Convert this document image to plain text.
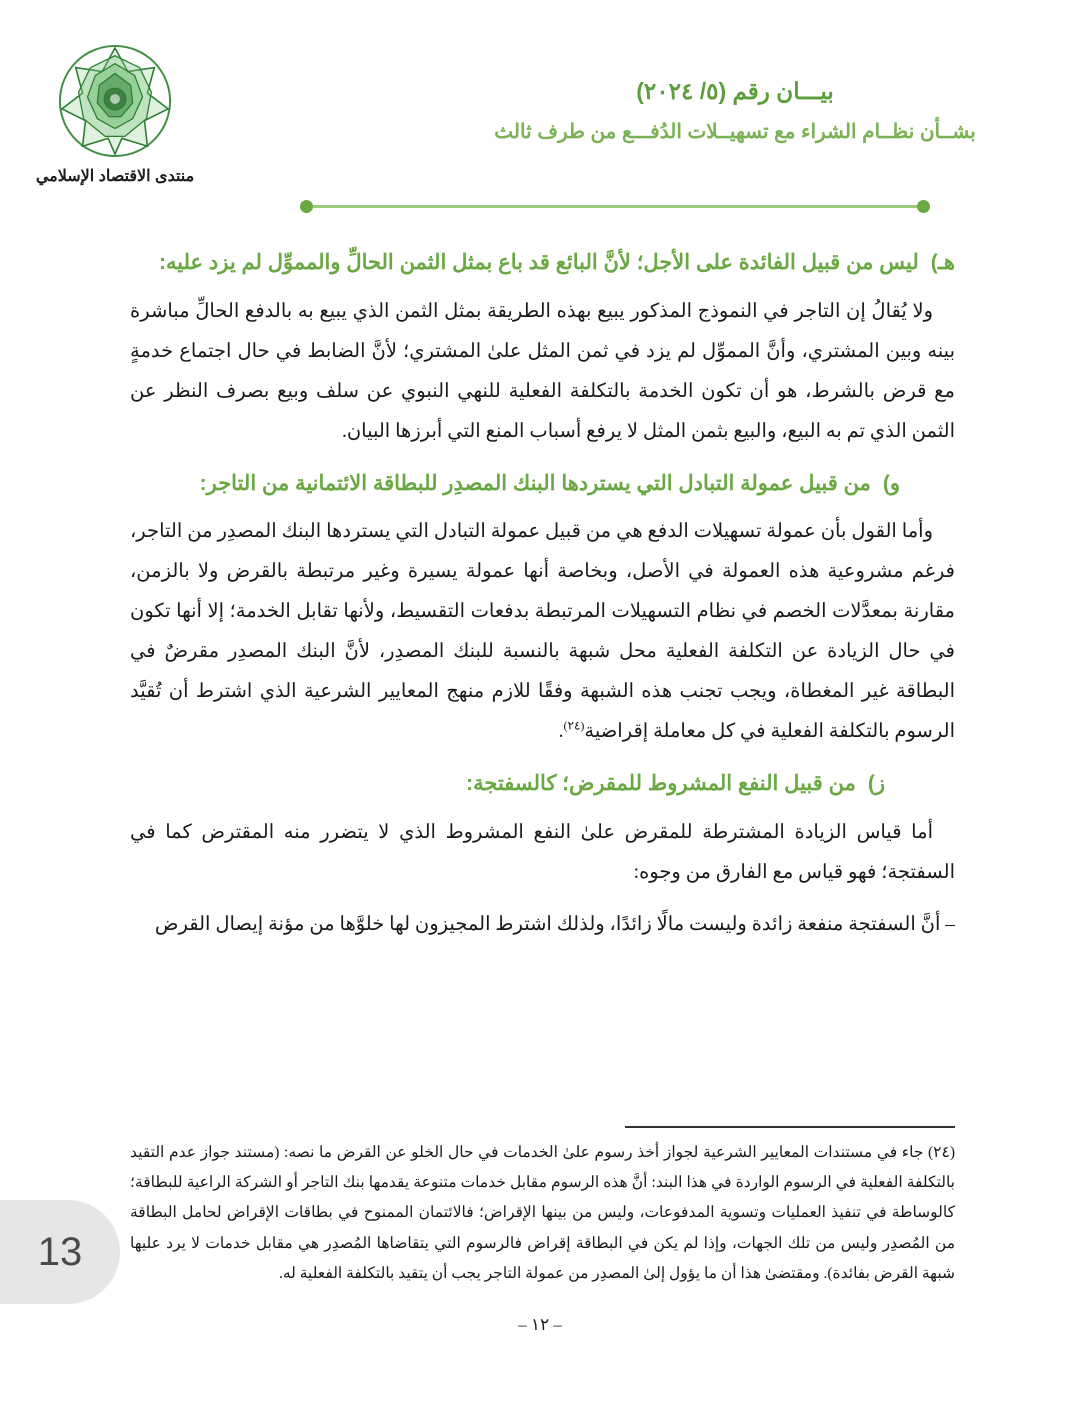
منتدى الاقتصاد الإسلامي
بيـــان رقم (٥/ ٢٠٢٤)
بشــأن نظــام الشراء مع تسهيــلات الدُفـــع من طرف ثالث
هـ)
ليس من قبيل الفائدة على الأجل؛ لأنَّ البائع قد باع بمثل الثمن الحالِّ والمموِّل لم يزد عليه:

ولا يُقالُ إن التاجر في النموذج المذكور يبيع بهذه الطريقة بمثل الثمن الذي يبيع به بالدفع الحالِّ مباشرة بينه وبين المشتري، وأنَّ المموِّل لم يزد في ثمن المثل علىٰ المشتري؛ لأنَّ الضابط في حال اجتماع خدمةٍ مع قرض بالشرط، هو أن تكون الخدمة بالتكلفة الفعلية للنهي النبوي عن سلف وبيع بصرف النظر عن الثمن الذي تم به البيع، والبيع بثمن المثل لا يرفع أسباب المنع التي أبرزها البيان.

و)
من قبيل عمولة التبادل التي يستردها البنك المصدِر للبطاقة الائتمانية من التاجر:

وأما القول بأن عمولة تسهيلات الدفع هي من قبيل عمولة التبادل التي يستردها البنك المصدِر من التاجر، فرغم مشروعية هذه العمولة في الأصل، وبخاصة أنها عمولة يسيرة وغير مرتبطة بالقرض ولا بالزمن، مقارنة بمعدَّلات الخصم في نظام التسهيلات المرتبطة بدفعات التقسيط، ولأنها تقابل الخدمة؛ إلا أنها تكون في حال الزيادة عن التكلفة الفعلية محل شبهة بالنسبة للبنك المصدِر، لأنَّ البنك المصدِر مقرضٌ في البطاقة غير المغطاة، ويجب تجنب هذه الشبهة وفقًا للازم منهج المعايير الشرعية الذي اشترط أن تُقيَّد الرسوم بالتكلفة الفعلية في كل معاملة إقراضية$^{(٢٤)}$.

ز)
من قبيل النفع المشروط للمقرض؛ كالسفتجة:

أما قياس الزيادة المشترطة للمقرض علىٰ النفع المشروط الذي لا يتضرر منه المقترض كما في السفتجة؛ فهو قياس مع الفارق من وجوه:

– أنَّ السفتجة منفعة زائدة وليست مالًا زائدًا، ولذلك اشترط المجيزون لها خلوَّها من مؤنة إيصال القرض
(٢٤) جاء في مستندات المعايير الشرعية لجواز أخذ رسوم علىٰ الخدمات في حال الخلو عن القرض ما نصه: (مستند جواز عدم التقيد بالتكلفة الفعلية في الرسوم الواردة في هذا البند: أنَّ هذه الرسوم مقابل خدمات متنوعة يقدمها بنك التاجر أو الشركة الراعية للبطاقة؛ كالوساطة في تنفيذ العمليات وتسوية المدفوعات، وليس من بينها الإقراض؛ فالائتمان الممنوح في بطاقات الإقراض لحامل البطاقة من المُصدِر وليس من تلك الجهات، وإذا لم يكن في البطاقة إقراض فالرسوم التي يتقاضاها المُصدِر هي مقابل خدمات لا يرد عليها شبهة القرض بفائدة). ومقتضىٰ هذا أن ما يؤول إلىٰ المصدِر من عمولة التاجر يجب أن يتقيد بالتكلفة الفعلية له.
– ١٢ –
13
